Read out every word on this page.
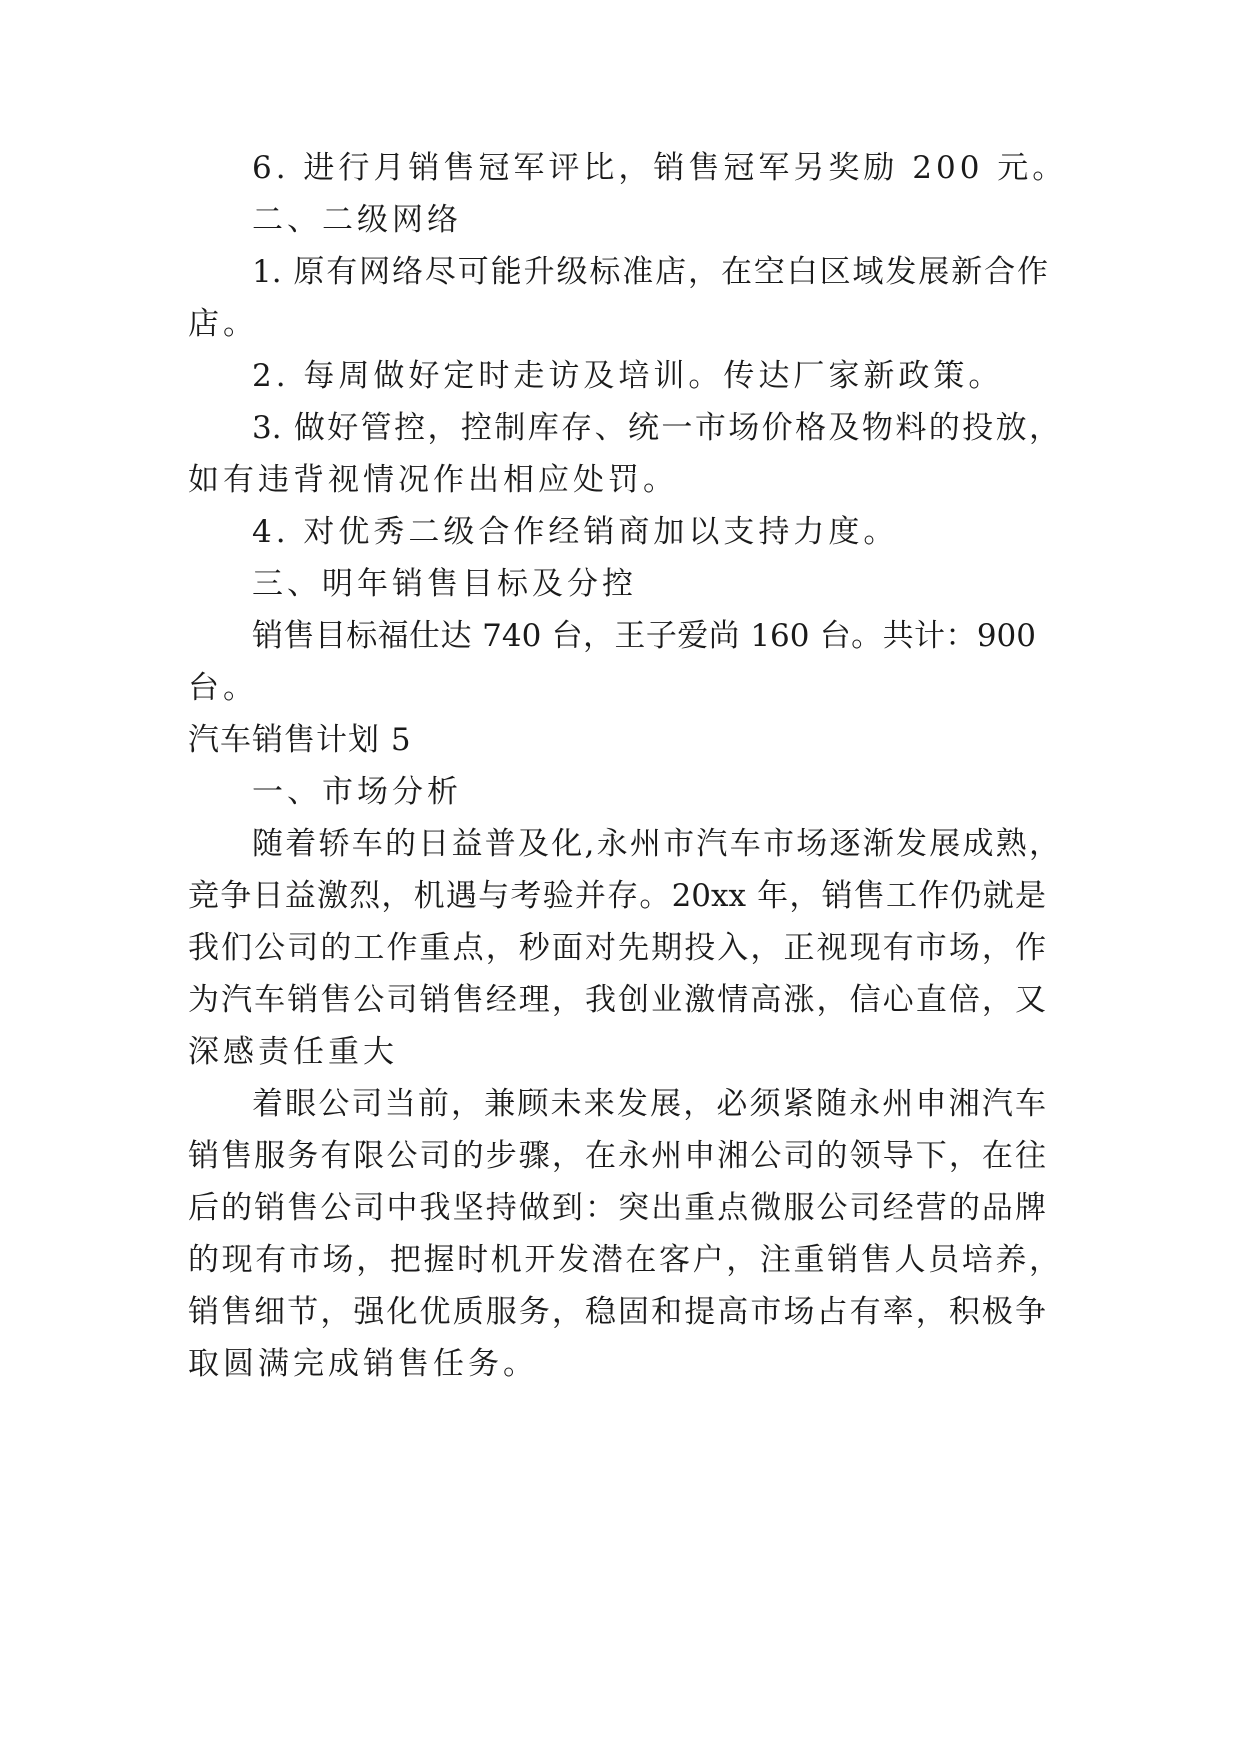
6. 进行月销售冠军评比，销售冠军另奖励 200 元。
二、二级网络
1. 原有网络尽可能升级标准店，在空白区域发展新合作
店。
2. 每周做好定时走访及培训。传达厂家新政策。
3. 做好管控，控制库存、统一市场价格及物料的投放，
如有违背视情况作出相应处罚。
4. 对优秀二级合作经销商加以支持力度。
三、明年销售目标及分控
销售目标福仕达 740 台，王子爱尚 160 台。共计：900
台。
汽车销售计划 5
一、市场分析
随着轿车的日益普及化,永州市汽车市场逐渐发展成熟，
竞争日益激烈，机遇与考验并存。20xx 年，销售工作仍就是
我们公司的工作重点，秒面对先期投入，正视现有市场，作
为汽车销售公司销售经理，我创业激情高涨，信心直倍，又
深感责任重大
着眼公司当前，兼顾未来发展，必须紧随永州申湘汽车
销售服务有限公司的步骤，在永州申湘公司的领导下，在往
后的销售公司中我坚持做到：突出重点微服公司经营的品牌
的现有市场，把握时机开发潜在客户，注重销售人员培养，
销售细节，强化优质服务，稳固和提高市场占有率，积极争
取圆满完成销售任务。
